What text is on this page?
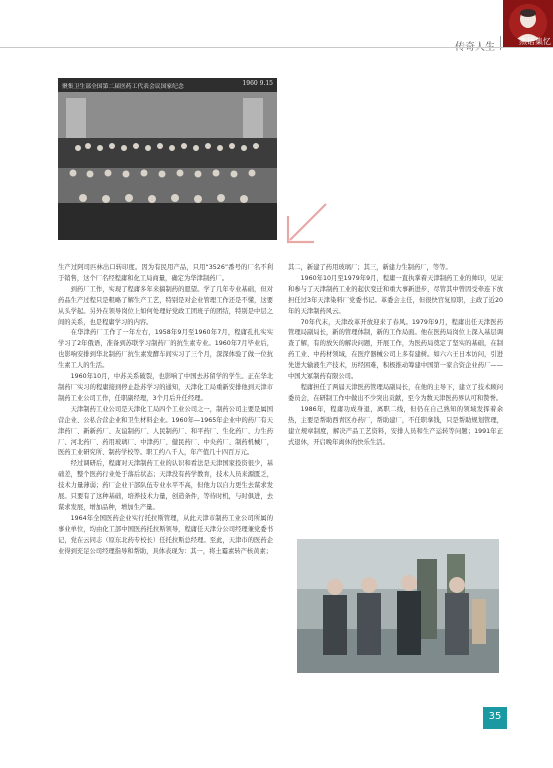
燕语集忆
聚集卫生部全国第二届医药工代表会议国家纪念	1960 9.15

生产过阿司匹林出口转印度。因为有民用产品，只用“3526”番号的厂名不利于销售，这个厂名经程庸和化工局商量，确定为华津制药厂。

到药厂工作，实现了程庸多年来搞制药的愿望。学了几年专业基础，但对药品生产过程只是粗略了解生产工艺，特别是对企业管理工作还是不懂，这要从头学起。另外在领导岗位上如何处理好党政工团班子的团结，特别是中层之间的关系，也是程庸学习的内容。

在华津药厂工作了一年左右，1958年9月至1960年7月，程庸孔扎实实学习了2年俄语，准备到苏联学习制药厂的抗生素专业。1960年7月毕业后，也影响安排到华北制药厂抗生素发酵车间实习了三个月，深深体验了做一位抗生素工人的生活。

1960年10月，中苏关系破裂，也影响了中国去苏留学的学生。正在华北制药厂实习的程庸接到停止赴苏学习的通知，天津化工局重新安排他到天津市制药工业公司工作，任职副经理，3个月后升任经理。

天津制药工业公司是天津化工局四个工业公司之一，制药公司主要是属国营企业、公私合营企业和卫生材料企业。1960年—1965年企业中的药厂有天津药厂、新新药厂、友谊制药厂、人民制药厂、和平药厂、生化药厂、力生药厂、河北药厂、药用玻璃厂、中津药厂、健民药厂、中央药厂、制药机械厂，医药工业研究所、制药学校等。职工约八千人，年产值几十四百万元。

经过调研后，程庸对天津制药工业的认识和看法是天津国家投资很少，基础差，整个医药行业处于落后状态；天津没有药学教育，技术人员来源匮乏，技术力量薄弱；药厂企业干部队伍专业水平不高，但他力以自力更生去谋求发展。只要有了这种基础，培养技术力量，创造条件，等待时机，与时俱进，去谋求发展，增加品种，增加生产量。

1964年全国医药企业实行托拉斯管理，从此天津市制药工业公司所属的事业单位，均由化工部中国医药托拉斯领导，程庸任天津分公司经理兼党委书记，党在云同志（原东北药专校长）任托拉斯总经理。至此，天津市的医药企业得到充足公司经理指导和帮助，具体表现为：其一，将土霉素转产核黄素；

其二，新建了药用玻璃厂；其三，新建力生制药厂，等等。

1960年10月至1979年9月，程庸一直执掌着天津制药工业的帅印，见证和参与了天津制药工业的起伏变迁和重大事新进步，尽管其中曾因受牵连下放担任过3年天津染料厂党委书记。革委会主任，但很快官复原职，主政了近20年的天津制药风云。

70年代末，天津改革开放迎来了春风。1979年9月，程庸出任天津医药管理局副局长，新的管理体制，新的工作局面。他在医药局岗位上深入基层调查了解，有的放矢的解决问题，开展工作，为医药局奠定了坚实的基础，在制药工业、中药材领域，在医疗器械公司上多有建树。如六六王日本访问，引进先进大输液生产技术，历经困难，积极推动筹建中国第一家合资企业药厂——中国大冢制药有限公司。

程庸担任了两届天津医药管理局副局长，在他的主导下，建立了技术顾问委员会，在研制工作中做出不少突出贡献，至今为数天津医药界认可和赞誉。

1986年，程庸功成身退，离职二线，但仍在自己熟知的领域发挥着余热，主要是帮助西青区办药厂，帮助建厂，不任职拿钱，只是帮助规划管理，建立规章制度，解决产品工艺资料，安排人员和生产运转等问题；1991年正式退休，开启晚年离休的快乐生活。

35
